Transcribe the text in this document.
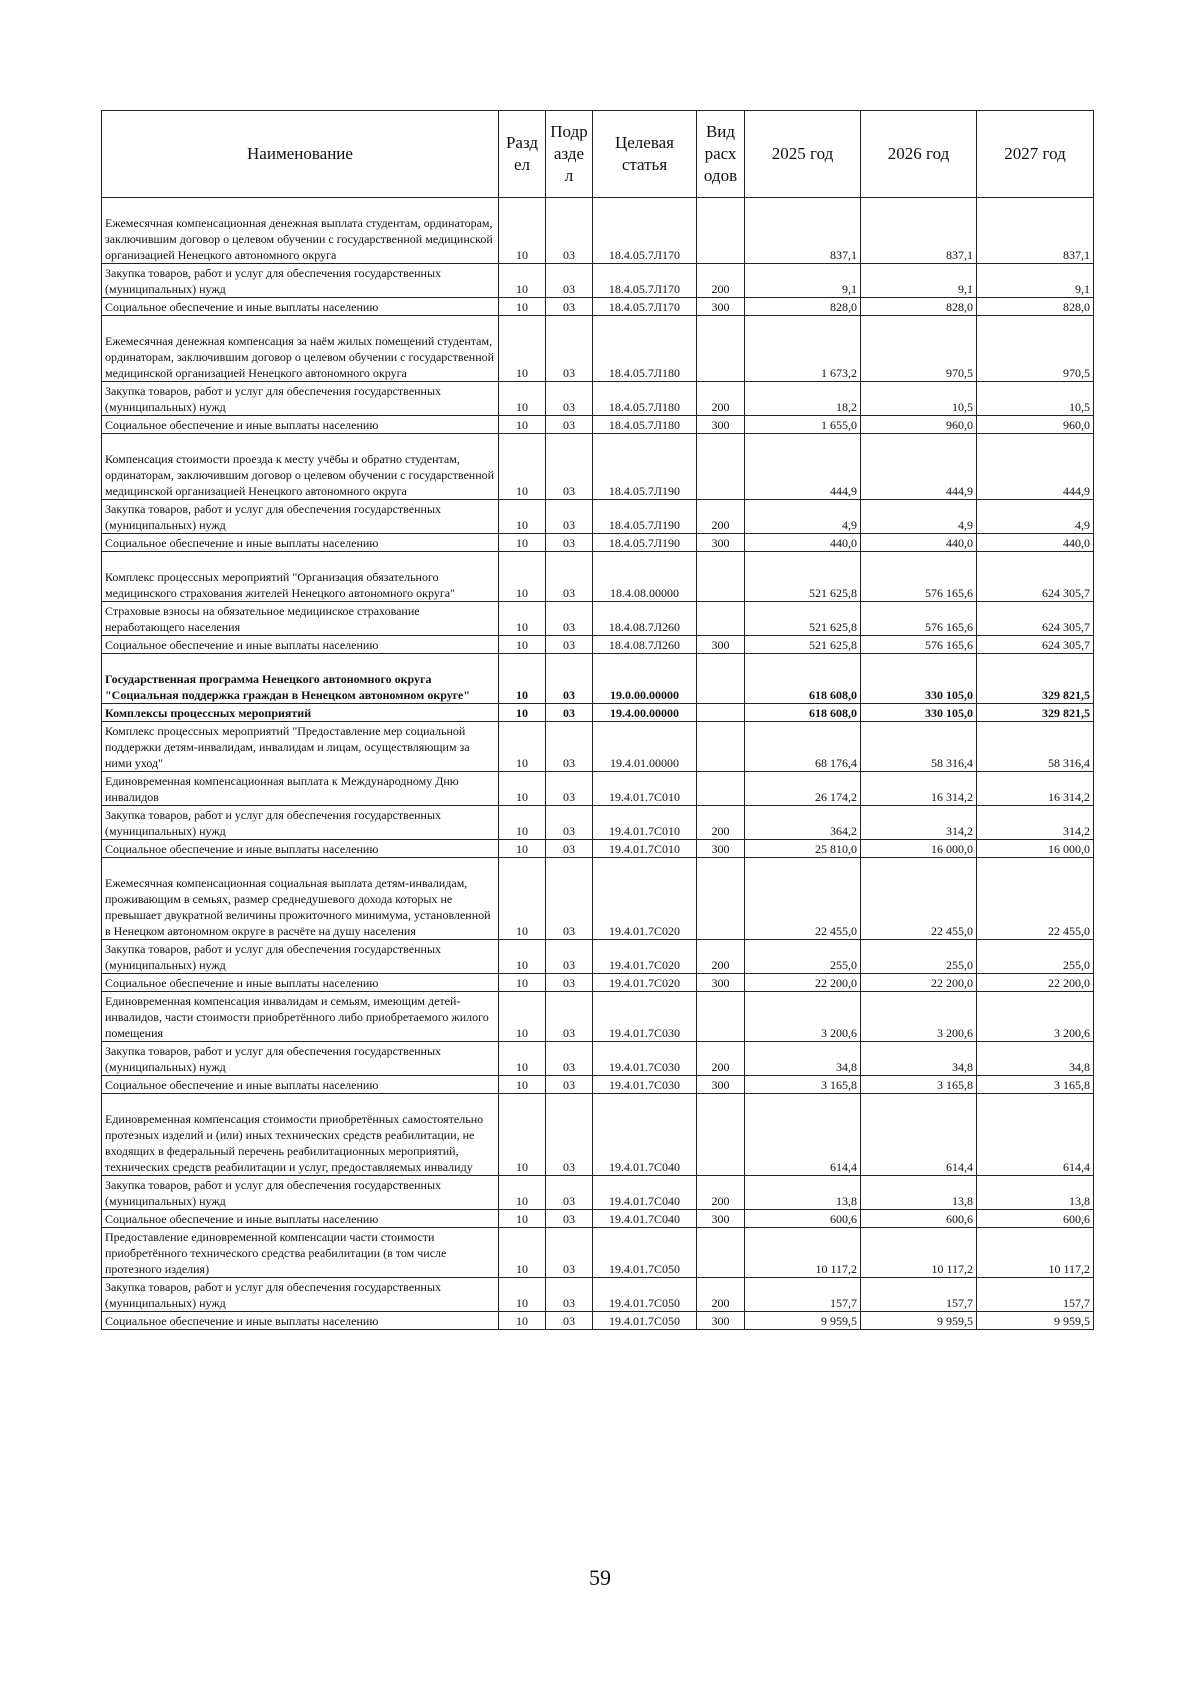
Наименование	Разд ел	Подр азде л	Целевая статья	Вид расх одов	2025 год	2026 год	2027 год
Ежемесячная компенсационная денежная выплата студентам, ординаторам, заключившим договор о целевом обучении с государственной медицинской организацией Ненецкого автономного округа	10	03	18.4.05.7Л170		837,1	837,1	837,1
Закупка товаров, работ и услуг для обеспечения государственных (муниципальных) нужд	10	03	18.4.05.7Л170	200	9,1	9,1	9,1
Социальное обеспечение и иные выплаты населению	10	03	18.4.05.7Л170	300	828,0	828,0	828,0
Ежемесячная денежная компенсация за наём жилых помещений студентам, ординаторам, заключившим договор о целевом обучении с государственной медицинской организацией Ненецкого автономного округа	10	03	18.4.05.7Л180		1 673,2	970,5	970,5
Закупка товаров, работ и услуг для обеспечения государственных (муниципальных) нужд	10	03	18.4.05.7Л180	200	18,2	10,5	10,5
Социальное обеспечение и иные выплаты населению	10	03	18.4.05.7Л180	300	1 655,0	960,0	960,0
Компенсация стоимости проезда к месту учёбы и обратно студентам, ординаторам, заключившим договор о целевом обучении с государственной медицинской организацией Ненецкого автономного округа	10	03	18.4.05.7Л190		444,9	444,9	444,9
Закупка товаров, работ и услуг для обеспечения государственных (муниципальных) нужд	10	03	18.4.05.7Л190	200	4,9	4,9	4,9
Социальное обеспечение и иные выплаты населению	10	03	18.4.05.7Л190	300	440,0	440,0	440,0
Комплекс процессных мероприятий "Организация обязательного медицинского страхования жителей Ненецкого автономного округа"	10	03	18.4.08.00000		521 625,8	576 165,6	624 305,7
Страховые взносы на обязательное медицинское страхование неработающего населения	10	03	18.4.08.7Л260		521 625,8	576 165,6	624 305,7
Социальное обеспечение и иные выплаты населению	10	03	18.4.08.7Л260	300	521 625,8	576 165,6	624 305,7
Государственная программа Ненецкого автономного округа "Социальная поддержка граждан в Ненецком автономном округе"	10	03	19.0.00.00000		618 608,0	330 105,0	329 821,5
Комплексы процессных мероприятий	10	03	19.4.00.00000		618 608,0	330 105,0	329 821,5
Комплекс процессных мероприятий "Предоставление мер социальной поддержки детям-инвалидам, инвалидам и лицам, осуществляющим за ними уход"	10	03	19.4.01.00000		68 176,4	58 316,4	58 316,4
Единовременная компенсационная выплата к Международному Дню инвалидов	10	03	19.4.01.7С010		26 174,2	16 314,2	16 314,2
Закупка товаров, работ и услуг для обеспечения государственных (муниципальных) нужд	10	03	19.4.01.7С010	200	364,2	314,2	314,2
Социальное обеспечение и иные выплаты населению	10	03	19.4.01.7С010	300	25 810,0	16 000,0	16 000,0
Ежемесячная компенсационная социальная выплата детям-инвалидам, проживающим в семьях, размер среднедушевого дохода которых не превышает двукратной величины прожиточного минимума, установленной в Ненецком автономном округе в расчёте на душу населения	10	03	19.4.01.7С020		22 455,0	22 455,0	22 455,0
Закупка товаров, работ и услуг для обеспечения государственных (муниципальных) нужд	10	03	19.4.01.7С020	200	255,0	255,0	255,0
Социальное обеспечение и иные выплаты населению	10	03	19.4.01.7С020	300	22 200,0	22 200,0	22 200,0
Единовременная компенсация инвалидам и семьям, имеющим детей-инвалидов, части стоимости приобретённого либо приобретаемого жилого помещения	10	03	19.4.01.7С030		3 200,6	3 200,6	3 200,6
Закупка товаров, работ и услуг для обеспечения государственных (муниципальных) нужд	10	03	19.4.01.7С030	200	34,8	34,8	34,8
Социальное обеспечение и иные выплаты населению	10	03	19.4.01.7С030	300	3 165,8	3 165,8	3 165,8
Единовременная компенсация стоимости приобретённых самостоятельно протезных изделий и (или) иных технических средств реабилитации, не входящих в федеральный перечень реабилитационных мероприятий, технических средств реабилитации и услуг, предоставляемых инвалиду	10	03	19.4.01.7С040		614,4	614,4	614,4
Закупка товаров, работ и услуг для обеспечения государственных (муниципальных) нужд	10	03	19.4.01.7С040	200	13,8	13,8	13,8
Социальное обеспечение и иные выплаты населению	10	03	19.4.01.7С040	300	600,6	600,6	600,6
Предоставление единовременной компенсации части стоимости приобретённого технического средства реабилитации (в том числе протезного изделия)	10	03	19.4.01.7С050		10 117,2	10 117,2	10 117,2
Закупка товаров, работ и услуг для обеспечения государственных (муниципальных) нужд	10	03	19.4.01.7С050	200	157,7	157,7	157,7
Социальное обеспечение и иные выплаты населению	10	03	19.4.01.7С050	300	9 959,5	9 959,5	9 959,5
59
